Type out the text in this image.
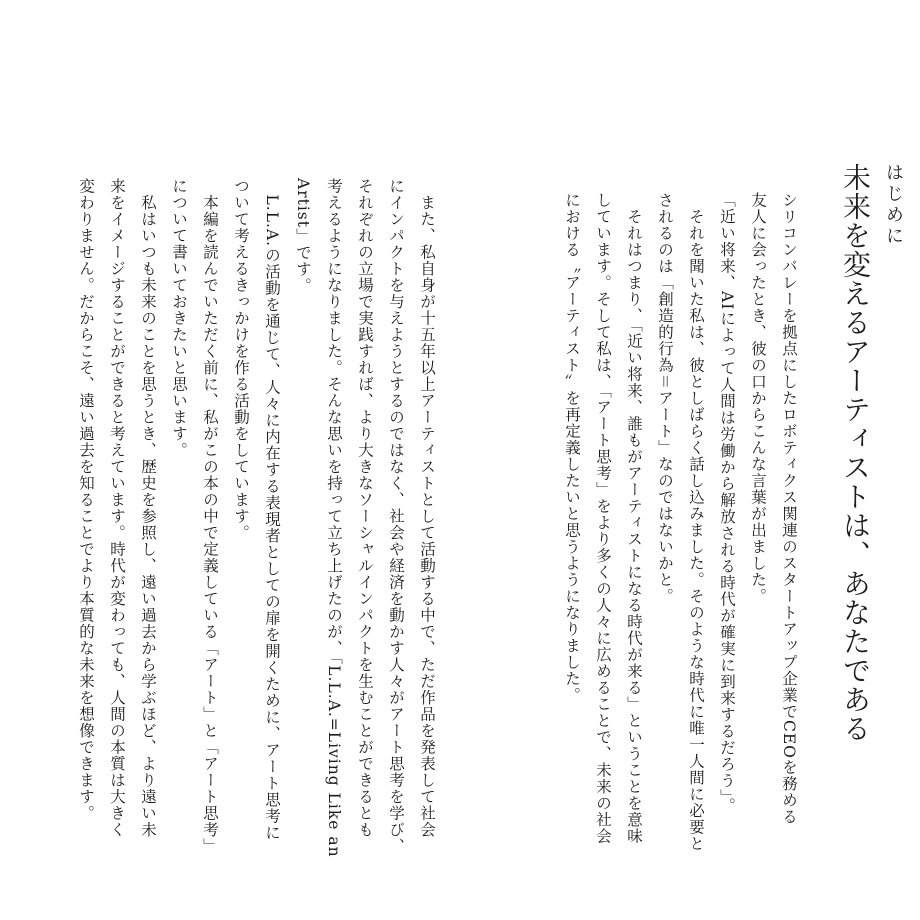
はじめに
未来を変えるアーティストは、あなたである
シリコンバレーを拠点にしたロボティクス関連のスタートアップ企業でCEOを務める
友人に会ったとき、彼の口からこんな言葉が出ました。
「近い将来、AIによって人間は労働から解放される時代が確実に到来するだろう」。
　それを聞いた私は、彼としばらく話し込みました。そのような時代に唯一人間に必要と
されるのは「創造的行為＝アート」なのではないかと。
　それはつまり、「近い将来、誰もがアーティストになる時代が来る」ということを意味
しています。そして私は、「アート思考」をより多くの人々に広めることで、未来の社会
における〝アーティスト〟を再定義したいと思うようになりました。
　また、私自身が十五年以上アーティストとして活動する中で、ただ作品を発表して社会
にインパクトを与えようとするのではなく、社会や経済を動かす人々がアート思考を学び、
それぞれの立場で実践すれば、より大きなソーシャルインパクトを生むことができるとも
考えるようになりました。そんな思いを持って立ち上げたのが、「L.L.A.=Living Like an
Artist」です。
　L.L.A.の活動を通じて、人々に内在する表現者としての扉を開くために、アート思考に
ついて考えるきっかけを作る活動をしています。
　本編を読んでいただく前に、私がこの本の中で定義している「アート」と「アート思考」
について書いておきたいと思います。
　私はいつも未来のことを思うとき、歴史を参照し、遠い過去から学ぶほど、より遠い未
来をイメージすることができると考えています。時代が変わっても、人間の本質は大きく
変わりません。だからこそ、遠い過去を知ることでより本質的な未来を想像できます。
